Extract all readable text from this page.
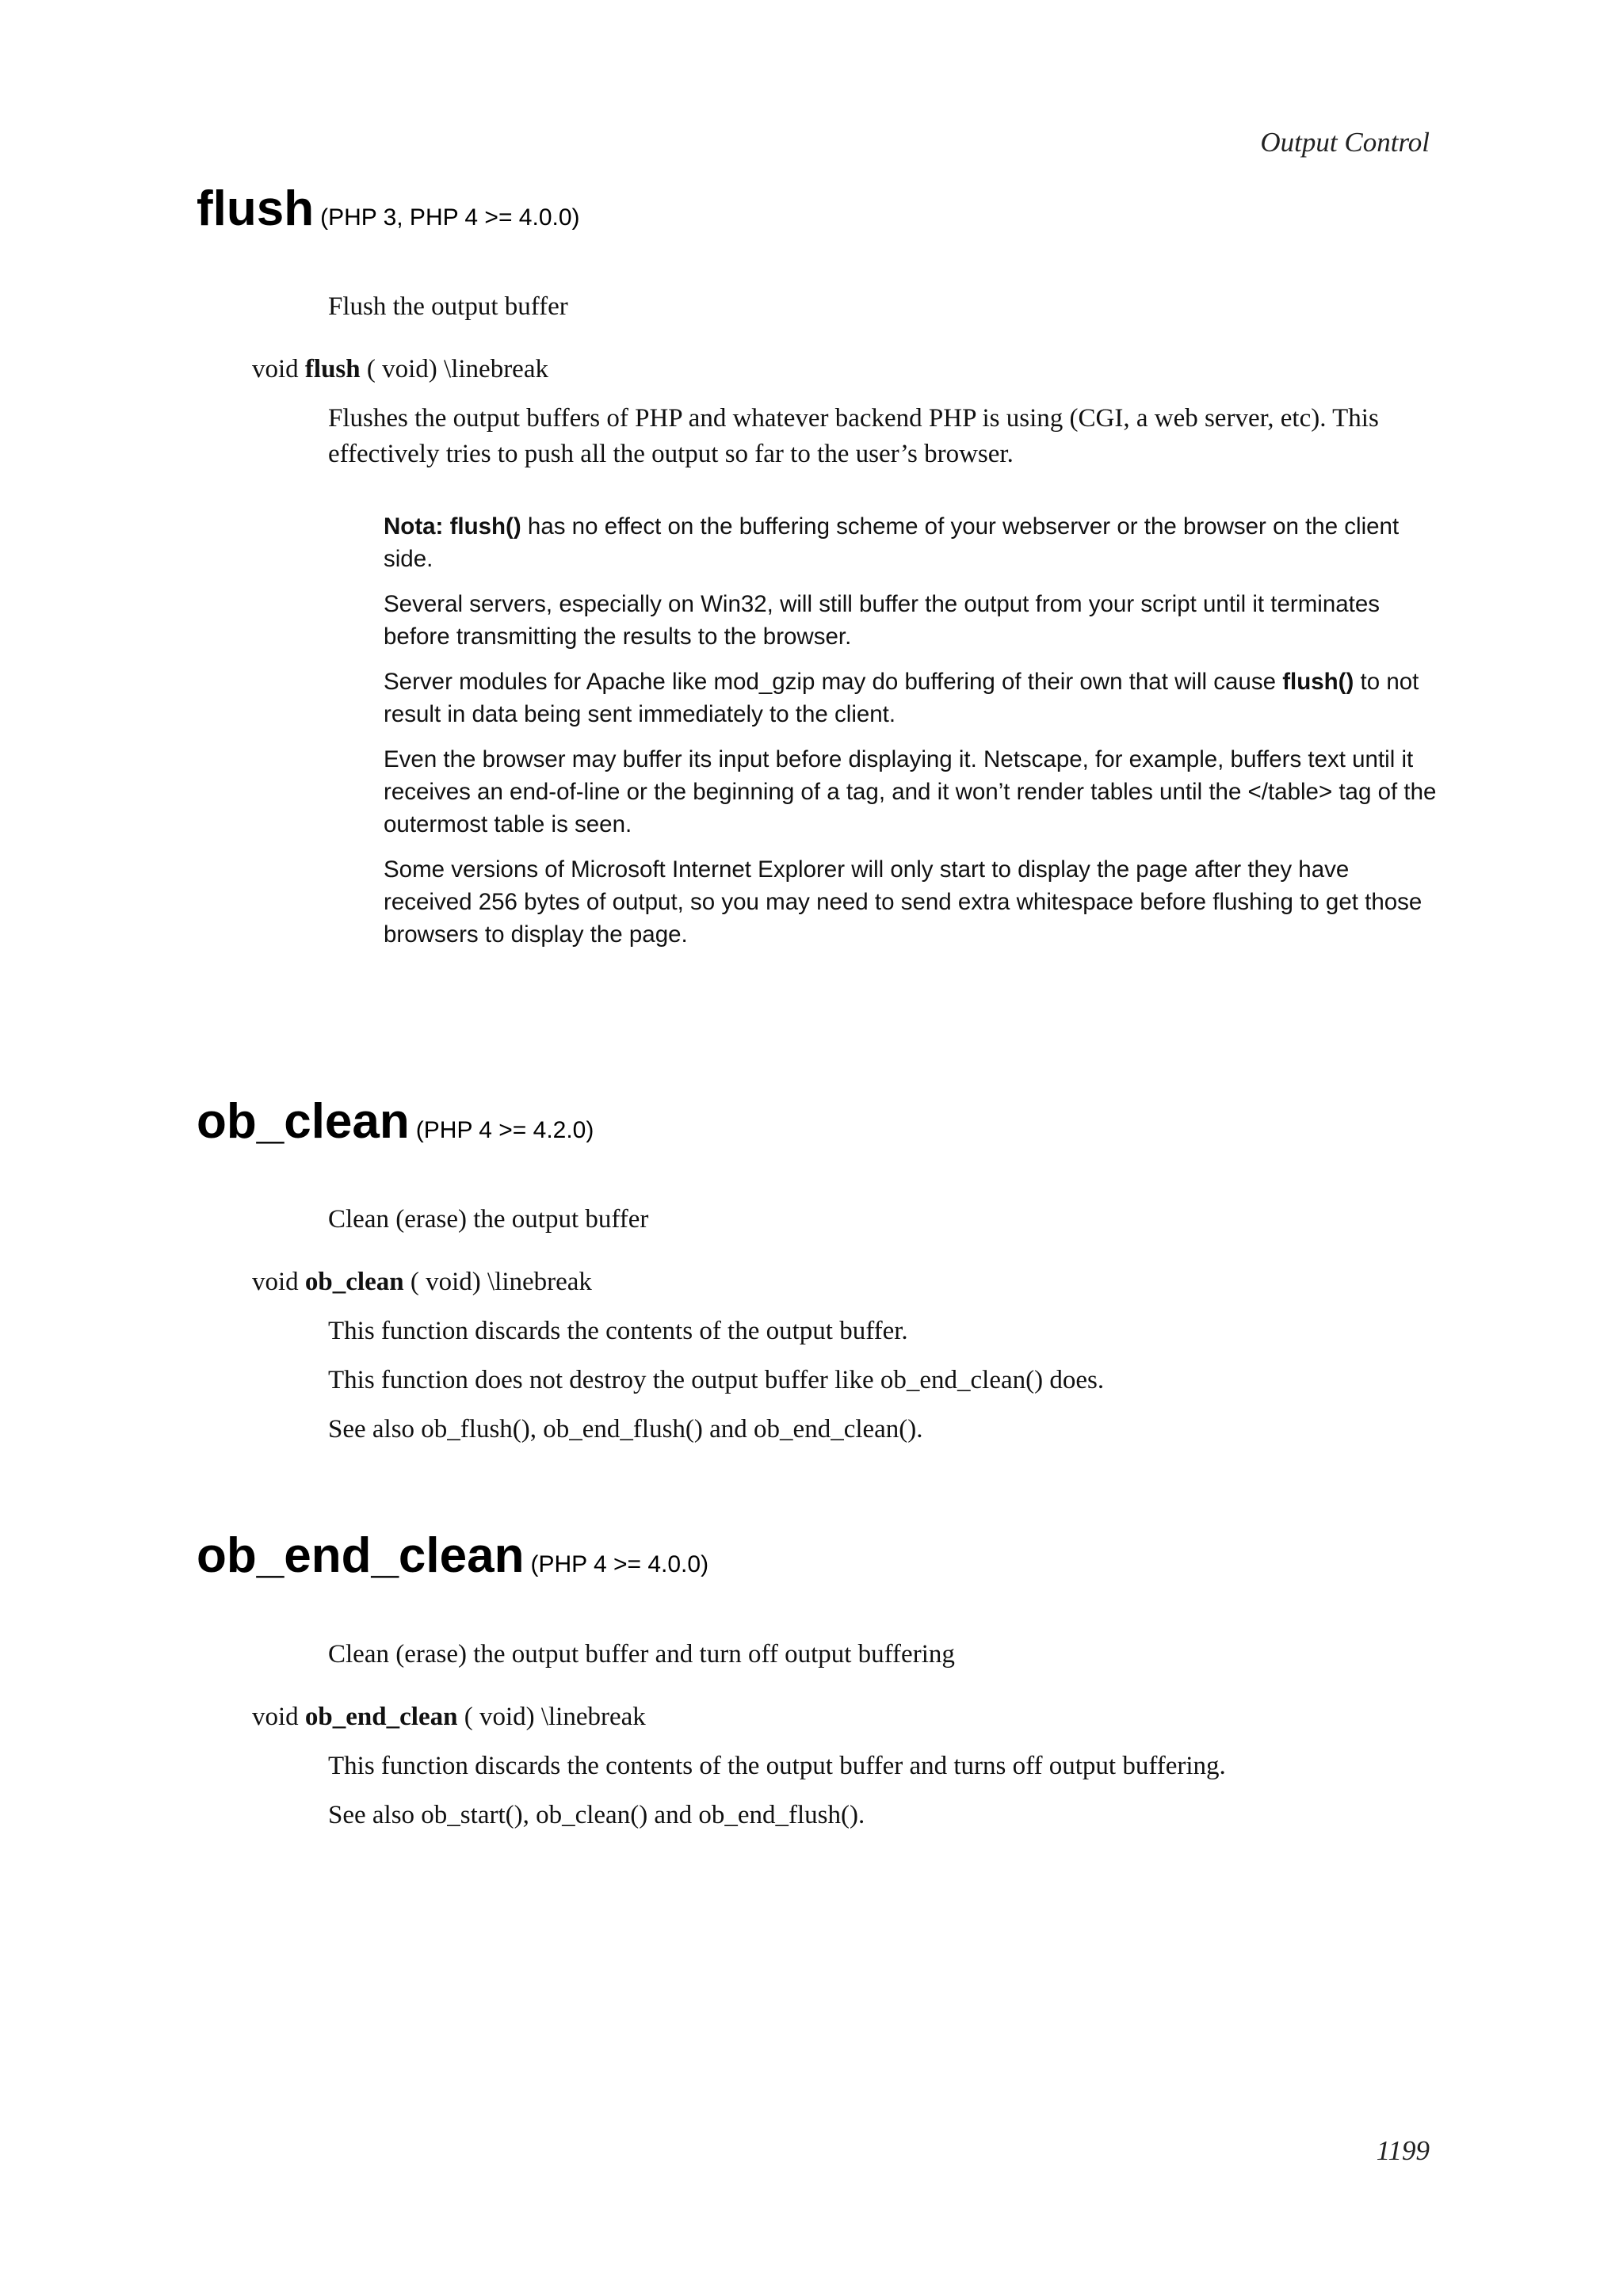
Output Control
flush (PHP 3, PHP 4 >= 4.0.0)
Flush the output buffer
void flush ( void) \linebreak
Flushes the output buffers of PHP and whatever backend PHP is using (CGI, a web server, etc). This effectively tries to push all the output so far to the user’s browser.

Nota: flush() has no effect on the buffering scheme of your webserver or the browser on the client side.

Several servers, especially on Win32, will still buffer the output from your script until it terminates before transmitting the results to the browser.

Server modules for Apache like mod_gzip may do buffering of their own that will cause flush() to not result in data being sent immediately to the client.

Even the browser may buffer its input before displaying it. Netscape, for example, buffers text until it receives an end-of-line or the beginning of a tag, and it won’t render tables until the </table> tag of the outermost table is seen.

Some versions of Microsoft Internet Explorer will only start to display the page after they have received 256 bytes of output, so you may need to send extra whitespace before flushing to get those browsers to display the page.

ob_clean (PHP 4 >= 4.2.0)
Clean (erase) the output buffer
void ob_clean ( void) \linebreak
This function discards the contents of the output buffer.
This function does not destroy the output buffer like ob_end_clean() does.
See also ob_flush(), ob_end_flush() and ob_end_clean().
ob_end_clean (PHP 4 >= 4.0.0)
Clean (erase) the output buffer and turn off output buffering
void ob_end_clean ( void) \linebreak
This function discards the contents of the output buffer and turns off output buffering.
See also ob_start(), ob_clean() and ob_end_flush().
1199
